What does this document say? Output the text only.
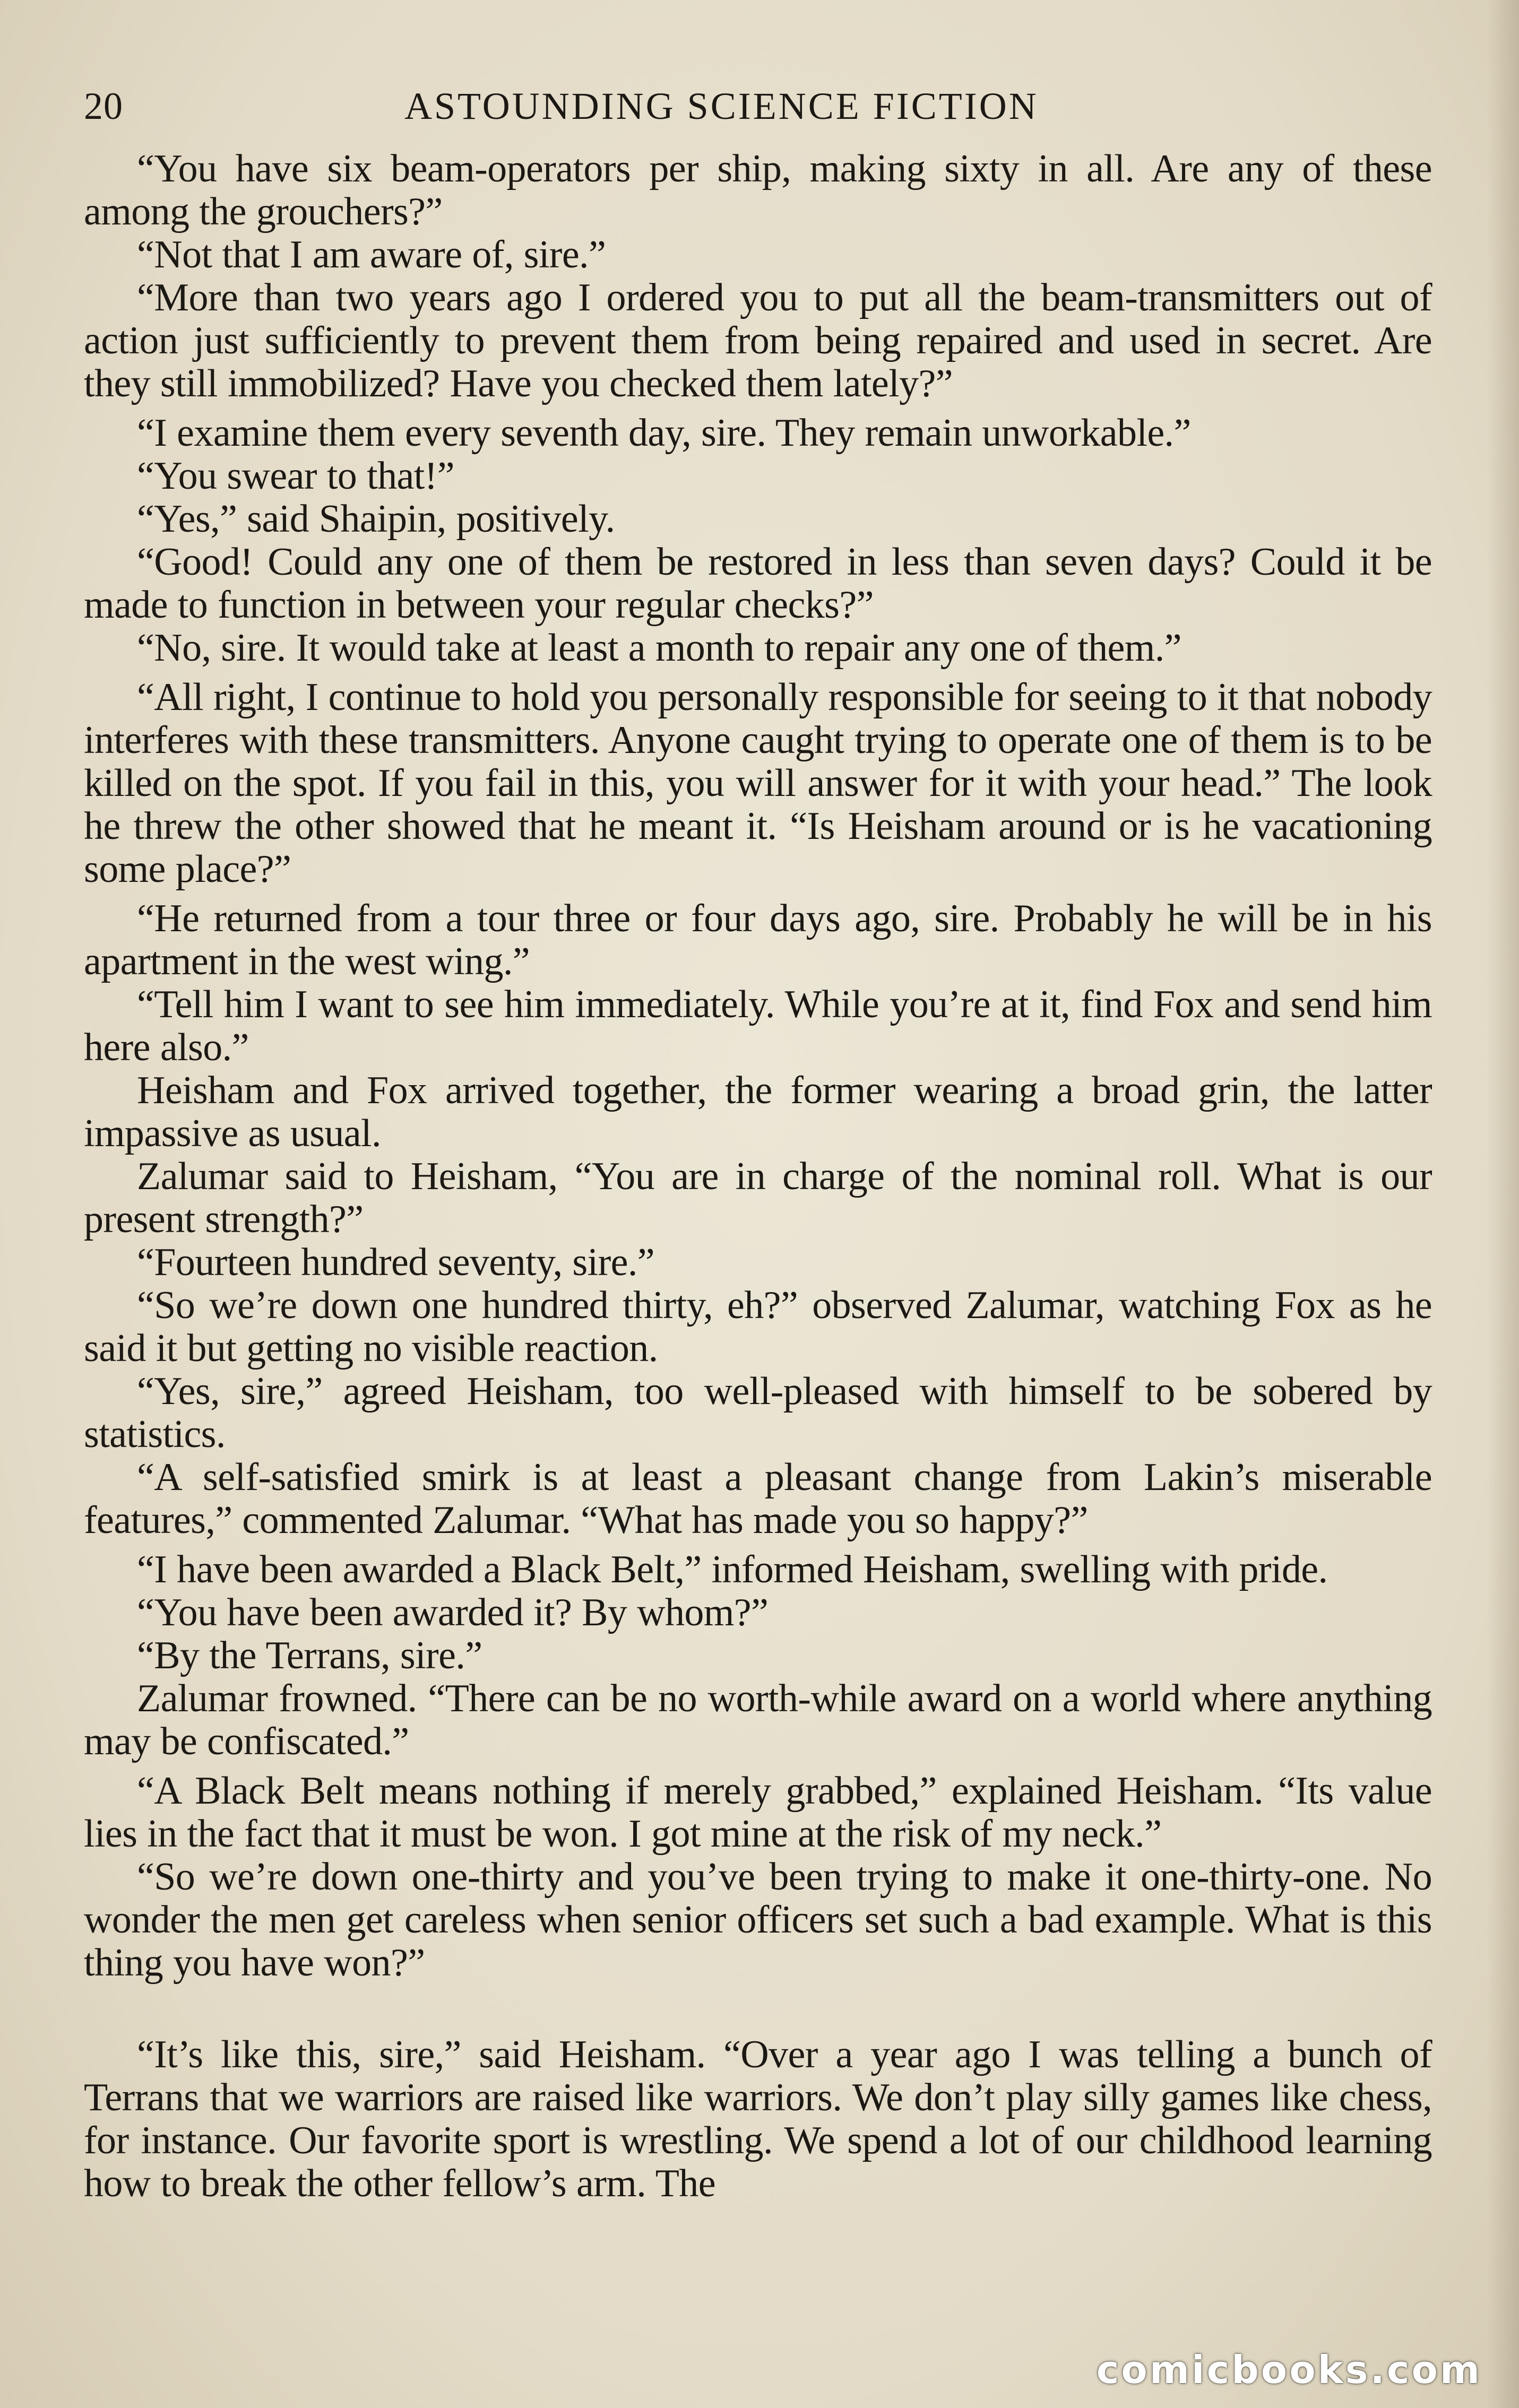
20	ASTOUNDING SCIENCE FICTION

“You have six beam-operators per ship, making sixty in all. Are any of these among the grouchers?”

“Not that I am aware of, sire.”

“More than two years ago I ordered you to put all the beam-transmitters out of action just sufficiently to prevent them from being repaired and used in secret. Are they still immobilized? Have you checked them lately?”

“I examine them every seventh day, sire. They remain unworkable.”

“You swear to that!”

“Yes,” said Shaipin, positively.

“Good! Could any one of them be restored in less than seven days? Could it be made to function in between your regular checks?”

“No, sire. It would take at least a month to repair any one of them.”

“All right, I continue to hold you personally responsible for seeing to it that nobody interferes with these transmitters. Anyone caught trying to operate one of them is to be killed on the spot. If you fail in this, you will answer for it with your head.” The look he threw the other showed that he meant it. “Is Heisham around or is he vacationing some place?”

“He returned from a tour three or four days ago, sire. Probably he will be in his apartment in the west wing.”

“Tell him I want to see him immediately. While you’re at it, find Fox and send him here also.”

Heisham and Fox arrived together, the former wearing a broad grin, the latter impassive as usual.

Zalumar said to Heisham, “You are in charge of the nominal roll. What is our present strength?”

“Fourteen hundred seventy, sire.”

“So we’re down one hundred thirty, eh?” observed Zalumar, watching Fox as he said it but getting no visible reaction.

“Yes, sire,” agreed Heisham, too well-pleased with himself to be sobered by statistics.

“A self-satisfied smirk is at least a pleasant change from Lakin’s miserable features,” commented Zalumar. “What has made you so happy?”

“I have been awarded a Black Belt,” informed Heisham, swelling with pride.

“You have been awarded it? By whom?”

“By the Terrans, sire.”

Zalumar frowned. “There can be no worth-while award on a world where anything may be confiscated.”

“A Black Belt means nothing if merely grabbed,” explained Heisham. “Its value lies in the fact that it must be won. I got mine at the risk of my neck.”

“So we’re down one-thirty and you’ve been trying to make it one-thirty-one. No wonder the men get careless when senior officers set such a bad example. What is this thing you have won?”

“It’s like this, sire,” said Heisham. “Over a year ago I was telling a bunch of Terrans that we warriors are raised like warriors. We don’t play silly games like chess, for instance. Our favorite sport is wrestling. We spend a lot of our childhood learning how to break the other fellow’s arm. The

comicbooks.com
